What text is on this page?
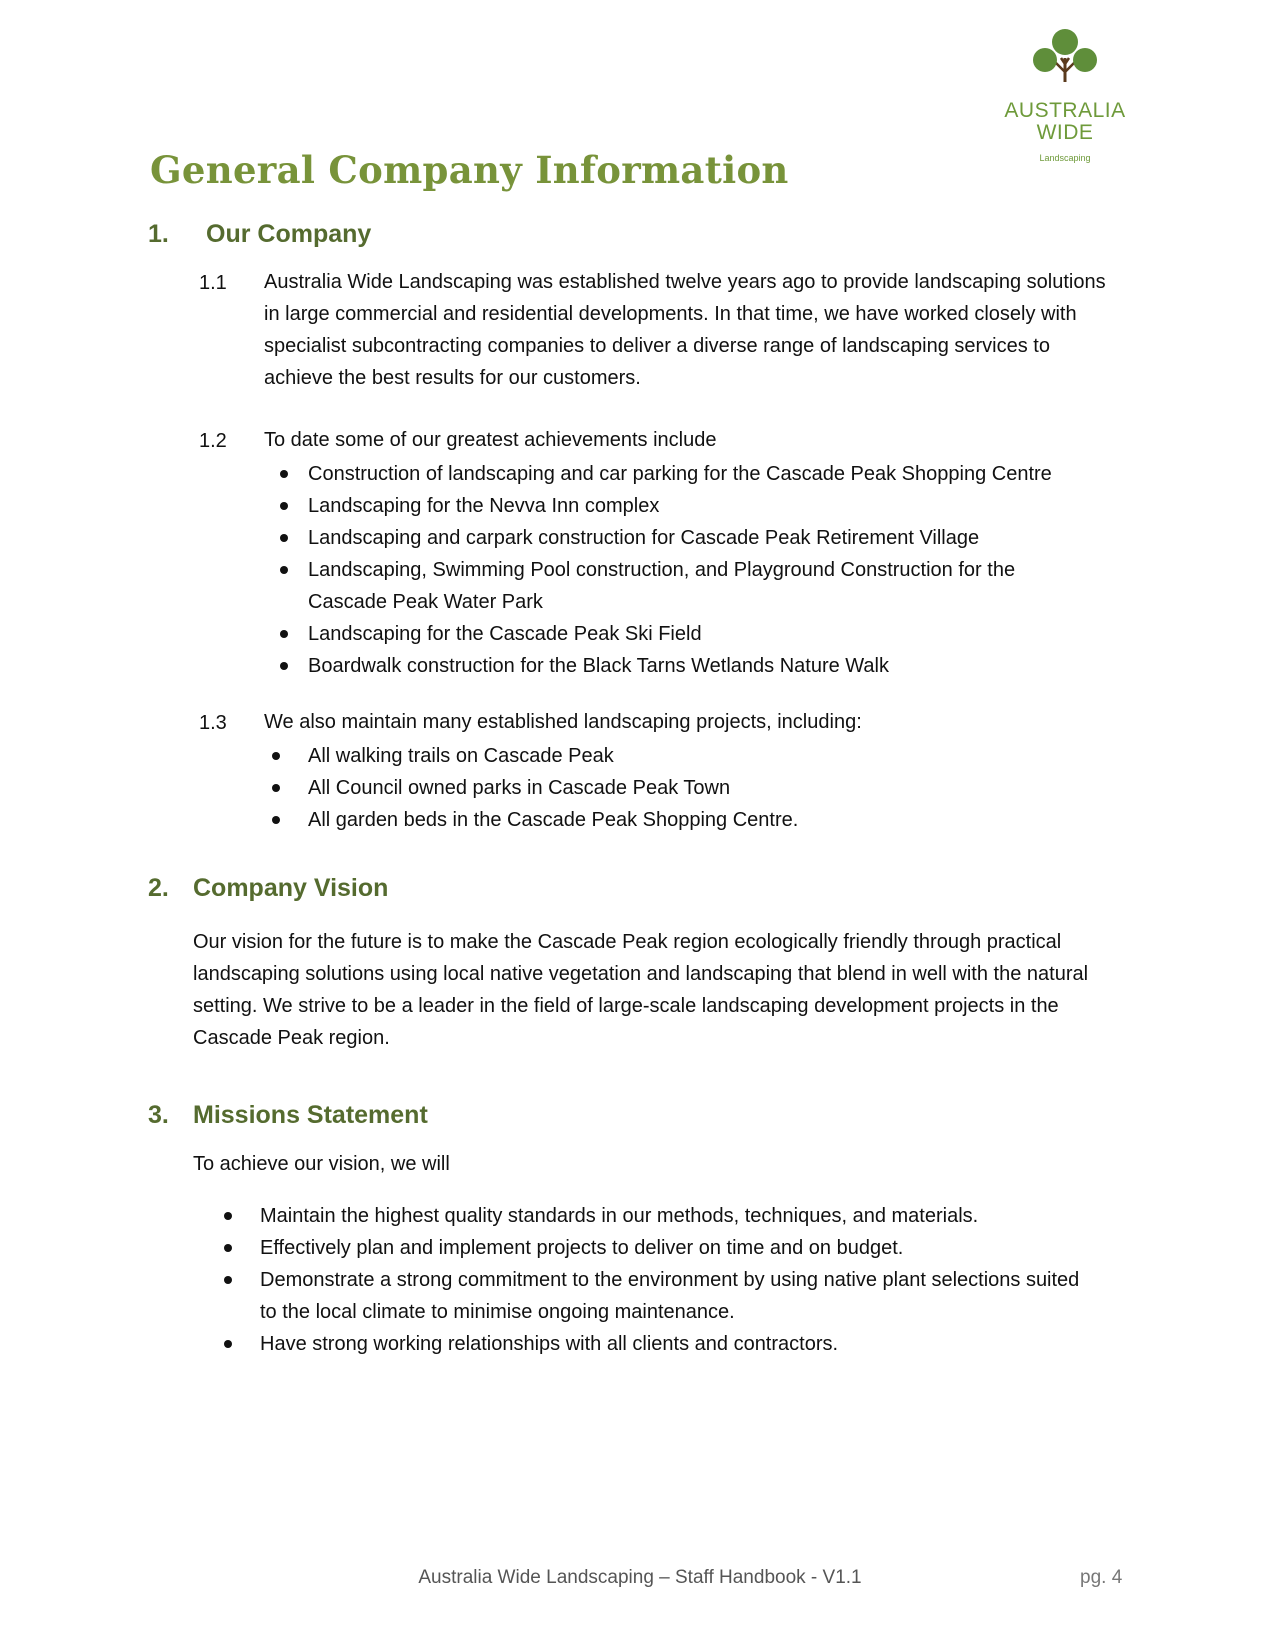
AUSTRALIA
WIDE
Landscaping
General Company Information
1. Our Company
1.1 Australia Wide Landscaping was established twelve years ago to provide landscaping solutions in large commercial and residential developments. In that time, we have worked closely with specialist subcontracting companies to deliver a diverse range of landscaping services to achieve the best results for our customers.
1.2 To date some of our greatest achievements include
Construction of landscaping and car parking for the Cascade Peak Shopping Centre
Landscaping for the Nevva Inn complex
Landscaping and carpark construction for Cascade Peak Retirement Village
Landscaping, Swimming Pool construction, and Playground Construction for the Cascade Peak Water Park
Landscaping for the Cascade Peak Ski Field
Boardwalk construction for the Black Tarns Wetlands Nature Walk
1.3 We also maintain many established landscaping projects, including:
All walking trails on Cascade Peak
All Council owned parks in Cascade Peak Town
All garden beds in the Cascade Peak Shopping Centre.
2. Company Vision
Our vision for the future is to make the Cascade Peak region ecologically friendly through practical landscaping solutions using local native vegetation and landscaping that blend in well with the natural setting. We strive to be a leader in the field of large-scale landscaping development projects in the Cascade Peak region.
3. Missions Statement
To achieve our vision, we will
Maintain the highest quality standards in our methods, techniques, and materials.
Effectively plan and implement projects to deliver on time and on budget.
Demonstrate a strong commitment to the environment by using native plant selections suited to the local climate to minimise ongoing maintenance.
Have strong working relationships with all clients and contractors.
Australia Wide Landscaping – Staff Handbook - V1.1	pg. 4
